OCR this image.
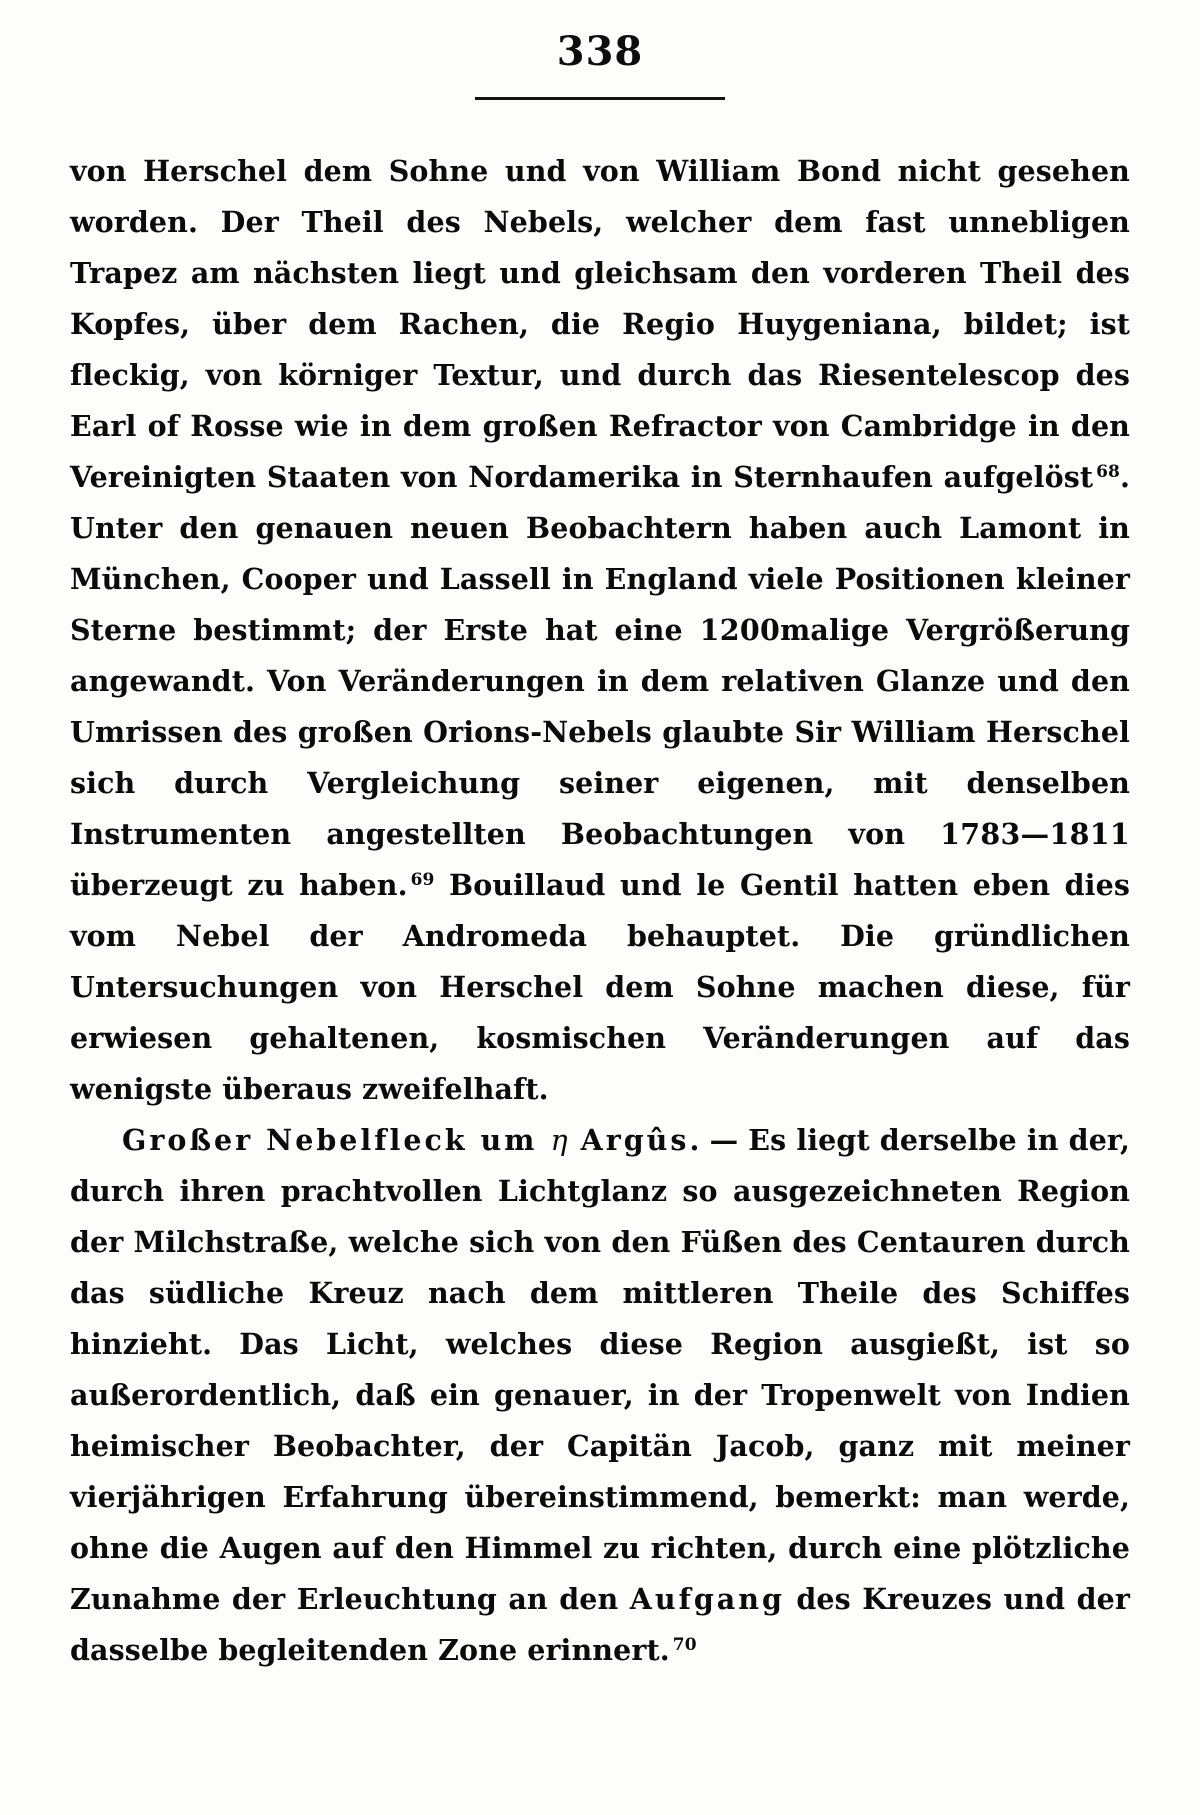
338

von Herschel dem Sohne und von William Bond nicht gesehen worden. Der Theil des Nebels, welcher dem fast unnebligen Trapez am nächsten liegt und gleichsam den vorderen Theil des Kopfes, über dem Rachen, die Regio Huygeniana, bildet; ist fleckig, von körniger Textur, und durch das Riesentelescop des Earl of Rosse wie in dem großen Refractor von Cambridge in den Vereinigten Staaten von Nordamerika in Sternhaufen aufgelöst $^{68}$. Unter den genauen neuen Beobachtern haben auch Lamont in München, Cooper und Lassell in England viele Positionen kleiner Sterne bestimmt; der Erste hat eine 1200malige Vergrößerung angewandt. Von Veränderungen in dem relativen Glanze und den Umrissen des großen Orions-Nebels glaubte Sir William Herschel sich durch Vergleichung seiner eigenen, mit denselben Instrumenten angestellten Beobachtungen von 1783—1811 überzeugt zu haben. $^{69}$ Bouillaud und le Gentil hatten eben dies vom Nebel der Andromeda behauptet. Die gründlichen Untersuchungen von Herschel dem Sohne machen diese, für erwiesen gehaltenen, kosmischen Veränderungen auf das wenigste überaus zweifelhaft.

Großer Nebelfleck um η Argûs. — Es liegt derselbe in der, durch ihren prachtvollen Lichtglanz so ausgezeichneten Region der Milchstraße, welche sich von den Füßen des Centauren durch das südliche Kreuz nach dem mittleren Theile des Schiffes hinzieht. Das Licht, welches diese Region ausgießt, ist so außerordentlich, daß ein genauer, in der Tropenwelt von Indien heimischer Beobachter, der Capitän Jacob, ganz mit meiner vierjährigen Erfahrung übereinstimmend, bemerkt: man werde, ohne die Augen auf den Himmel zu richten, durch eine plötzliche Zunahme der Erleuchtung an den Aufgang des Kreuzes und der dasselbe begleitenden Zone erinnert. $^{70}$
